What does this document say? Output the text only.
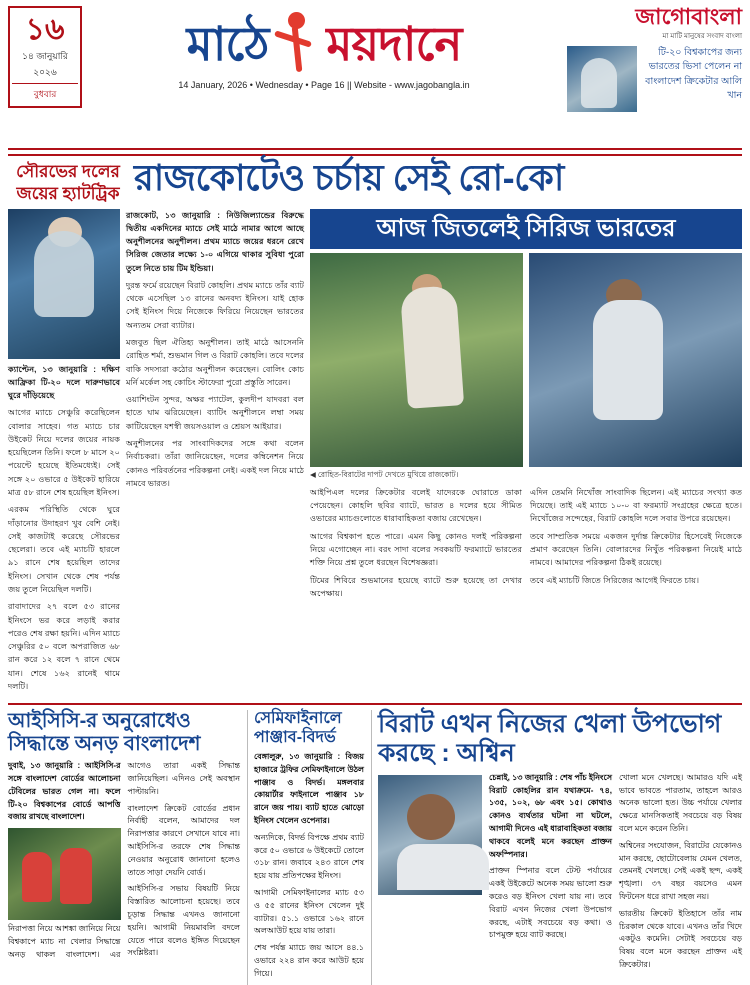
১৬
১৪ জানুয়ারি
২০২৬
বুধবার
মাঠে ময়দানে
14 January, 2026 • Wednesday • Page 16 || Website - www.jagobangla.in
জাগোবাংলা
মা মাটি মানুষের সংবাদ বাংলা
টি-২০ বিশ্বকাপের জন্য ভারতের ভিসা পেলেন না বাংলাদেশ ক্রিকেটার আলি খান
সৌরভের দলের জয়ের হ্যাটট্রিক রাজকোটেও চর্চায় সেই রো-কো

ক্যাপ্টেন, ১৩ জানুয়ারি : দক্ষিণ আফ্রিকা টি-২০ দলে দারুণভাবে ঘুরে দাঁড়িয়েছে

আগের ম্যাচে সেঞ্চুরি করেছিলেন বোলার সাহেব। গত ম্যাচে চার উইকেট নিয়ে দলের জয়ের নায়ক হয়েছিলেন তিনি। ফলে ৮ মাসে ২০ পয়েন্টে হয়েছে ইতিমধ্যেই। সেই সঙ্গে ২০ ওভারে ৫ উইকেট হারিয়ে মাত্র ৫৮ রানে শেষ হয়েছিল ইনিংস।

এরকম পরিস্থিতি থেকে ঘুরে দাঁড়ানোর উদাহরণ খুব বেশি নেই। সেই কাজটাই করেছে সৌরভের ছেলেরা। তবে এই ম্যাচটি হারলে ৯১ রানে শেষ হয়েছিল তাদের ইনিংস। সেখান থেকে শেষ পর্যন্ত জয় তুলে নিয়েছিল দলটি।

রাবাদাদের ২৭ বলে ৫৩ রানের ইনিংসে ভর করে লড়াই করার পরেও শেষ রক্ষা হয়নি। এদিন ম্যাচে সেঞ্চুরির ৫০ বলে অপরাজিত ৬৮ রান করে ১২ বলে ৭ রানে থেমে যান। শেষে ১৬২ রানেই থামে দলটি।

রাজকোট, ১৩ জানুয়ারি : নিউজিল্যান্ডের বিরুদ্ধে দ্বিতীয় একদিনের ম্যাচে সেই মাঠে নামার আগে আছে অনুশীলনের অনুশীলন। প্রথম ম্যাচে জয়ের ধরনে রেখে সিরিজ জেতার লক্ষ্যে ১-০ এগিয়ে থাকার সুবিধা পুরো তুলে নিতে চায় টিম ইন্ডিয়া।

দুরন্ত ফর্মে রয়েছেন বিরাট কোহলি। প্রথম ম্যাচে তাঁর ব্যাট থেকে এসেছিল ১৩ রানের অনবদ্য ইনিংস। যাই হোক সেই ইনিংস দিয়ে নিজেকে ফিরিয়ে নিয়েছেন ভারতের অন্যতম সেরা ব্যাটার।

মজবুত ছিল ঐতিহ্য অনুশীলন। তাই মাঠে আসেননি রোহিত শর্মা, শুভমান গিল ও বিরাট কোহলি। তবে দলের বাকি সদস্যরা কঠোর অনুশীলন করেছেন। বোলিং কোচ মর্নি মর্কেল সহ কোচিং স্টাফেরা পুরো প্রস্তুতি সারেন।

ওয়াশিংটন সুন্দর, অক্ষর প্যাটেল, কুলদীপ যাদবরা বল হাতে ঘাম ঝরিয়েছেন। ব্যাটিং অনুশীলনে লম্বা সময় কাটিয়েছেন যশস্বী জয়সওয়াল ও শ্রেয়স আইয়ার।

অনুশীলনের পর সাংবাদিকদের সঙ্গে কথা বলেন নির্বাচকরা। তাঁরা জানিয়েছেন, দলের কম্বিনেশন নিয়ে কোনও পরিবর্তনের পরিকল্পনা নেই। একই দল নিয়ে মাঠে নামবে ভারত।

আজ জিতলেই সিরিজ ভারতের
◀ রোহিত-বিরাটের দাপট দেখতে মুখিয়ে রাজকোট।

আইপিএল দলের ক্রিকেটার বলেই যাদেরকে ঘোরাতে ডাকা পেয়েছেন। কোহলি ছবির ব্যাটে, ভারত ৪ দলের হয়ে সীমিত ওভারের ম্যাচগুলোতে ধারাবাহিকতা বজায় রেখেছেন।

আগের বিশ্বকাপ হতে পারে। এমন কিছু কোনও দলই পরিকল্পনা নিয়ে এগোচ্ছেন না। বরং সাদা বলের সবকয়টি ফরম্যাটে ভারতের শক্তি নিয়ে প্রশ্ন তুলে ধরছেন বিশেষজ্ঞরা।

টিমের শিবিরে শুভমানের হয়েছে ব্যাটে শুরু হয়েছে তা দেখার অপেক্ষায়।

এদিন তেমনি নিখোঁজ সাংবাদিক ছিলেন। এই ম্যাচের সংখ্যা কত দিয়েছে। তাই এই ম্যাচে ১০-০ বা ফরম্যাট সংগ্রহের ক্ষেত্রে হতে। নিখোঁজের সন্দেহের, বিরাট কোহলি দলে সবার উপরে রয়েছেন।

তবে সাম্প্রতিক সময়ে একজন দুর্দান্ত ক্রিকেটার হিসেবেই নিজেকে প্রমাণ করেছেন তিনি। বোলারদের নিখুঁত পরিকল্পনা নিয়েই মাঠে নামবে। আমাদের পরিকল্পনা ঠিকই রয়েছে।

তবে এই ম্যাচটি জিতে সিরিজের আগেই ফিরতে চায়।

আইসিসি-র অনুরোধেও সিদ্ধান্তে অনড় বাংলাদেশ

দুবাই, ১৩ জানুয়ারি : আইসিসি-র সঙ্গে বাংলাদেশ বোর্ডের আলোচনা টেবিলের ভারত গেল না। ফলে টি-২০ বিশ্বকাপের বোর্ডে আপত্তি বজায় রাখছে বাংলাদেশ।

নিরাপত্তা নিয়ে আশঙ্কা জানিয়ে নিয়ে বিশ্বকাপে ম্যাচ না খেলার সিদ্ধান্তে অনড় থাকল বাংলাদেশ। এর আগেও তারা একই সিদ্ধান্ত জানিয়েছিল। এদিনও সেই অবস্থান পাল্টায়নি।

বাংলাদেশ ক্রিকেট বোর্ডের প্রধান নির্বাহী বলেন, আমাদের দল নিরাপত্তার কারণে সেখানে যাবে না। আইসিসি-র তরফে শেষ সিদ্ধান্ত নেওয়ার অনুরোধ জানানো হলেও তাতে সাড়া দেয়নি বোর্ড।

আইসিসি-র সভায় বিষয়টি নিয়ে বিস্তারিত আলোচনা হয়েছে। তবে চূড়ান্ত সিদ্ধান্ত এখনও জানানো হয়নি। আগামী নিয়মাবলি বদলে যেতে পারে বলেও ইঙ্গিত দিয়েছেন সংশ্লিষ্টরা।

সেমিফাইনালে পাঞ্জাব-বিদর্ভ

বেঙ্গালুরু, ১৩ জানুয়ারি : বিজয় হাজারে ট্রফির সেমিফাইনালে উঠল পাঞ্জাব ও বিদর্ভ। মঙ্গলবার কোয়ার্টার ফাইনালে পাঞ্জাব ১৮ রানে জয় পায়। ব্যাট হাতে ঝোড়ো ইনিংস খেলেন ওপেনার।

অন্যদিকে, বিদর্ভ বিপক্ষে প্রথম ব্যাট করে ৫০ ওভারে ৬ উইকেটে তোলে ৩১৮ রান। জবাবে ২৪৩ রানে শেষ হয়ে যায় প্রতিপক্ষের ইনিংস।

আগামী সেমিফাইনালের ম্যাচ ৫৩ ও ৫৫ রানের ইনিংস খেলেন দুই ব্যাটার। ৫১.১ ওভারে ১৬২ রানে অলআউট হয়ে যায় তারা।

শেষ পর্যন্ত ম্যাচে জয় আসে ৪৪.১ ওভারে ২২৪ রান করে আউট হয়ে গিয়ে।

বিরাট এখন নিজের খেলা উপভোগ করছে : অশ্বিন

চেন্নাই, ১৩ জানুয়ারি : শেষ পাঁচ ইনিংসে বিরাট কোহলির রান যথাক্রমে- ৭৪, ১৩৫, ১০২, ৬৮ এবং ১৫। কোথাও কোনও ব্যর্থতার ঘটনা না ঘটলে, আগামী দিনেও এই ধারাবাহিকতা বজায় থাকবে বলেই মনে করছেন প্রাক্তন অফস্পিনার।

প্রাক্তন স্পিনার বলে টেস্ট পর্যায়ের একই উইকেটে অনেক সময় ভালো শুরু করেও বড় ইনিংস খেলা যায় না। তবে বিরাট এখন নিজের খেলা উপভোগ করছে, এটাই সবচেয়ে বড় কথা। ও চাপমুক্ত হয়ে ব্যাট করছে।

খোলা মনে খেলছে। আমারও যদি এই ভাবে ভাবতে পারতাম, তাহলে আরও অনেক ভালো হত। উচ্চ পর্যায়ে খেলার ক্ষেত্রে মানসিকতাই সবচেয়ে বড় বিষয় বলে মনে করেন তিনি।

অশ্বিনের সংযোজন, বিরাটের যেকোনও মান করছে, ছোটোবেলায় যেমন খেলত, তেমনই খেলছে। সেই একই ছন্দ, একই শৃঙ্খলা। ৩৭ বছর বয়সেও এমন ফিটনেস ধরে রাখা সহজ নয়।

ভারতীয় ক্রিকেট ইতিহাসে তাঁর নাম চিরকাল থেকে যাবে। এখনও তাঁর খিদে একটুও কমেনি। সেটাই সবচেয়ে বড় বিষয় বলে মনে করছেন প্রাক্তন এই ক্রিকেটার।
